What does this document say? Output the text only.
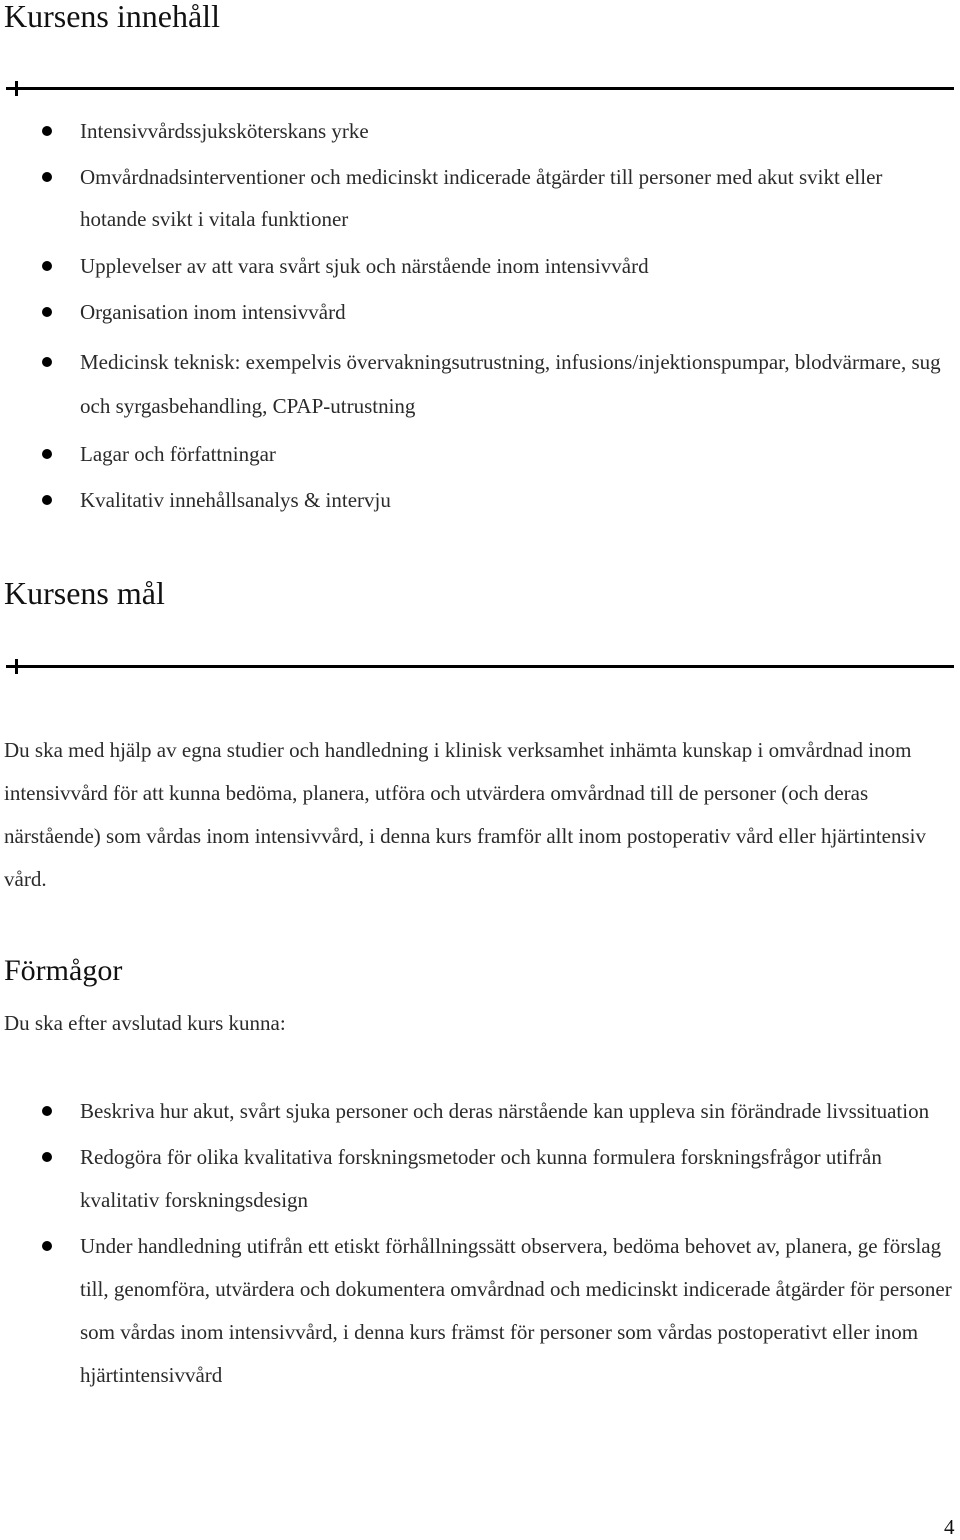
Kursens innehåll
Intensivvårdssjuksköterskans yrke
Omvårdnadsinterventioner och medicinskt indicerade åtgärder till personer med akut svikt eller hotande svikt i vitala funktioner
Upplevelser av att vara svårt sjuk och närstående inom intensivvård
Organisation inom intensivvård
Medicinsk teknisk: exempelvis övervakningsutrustning, infusions/injektionspumpar, blodvärmare, sug och syrgasbehandling, CPAP-utrustning
Lagar och författningar
Kvalitativ innehållsanalys & intervju
Kursens mål
Du ska med hjälp av egna studier och handledning i klinisk verksamhet inhämta kunskap i omvårdnad inom intensivvård för att kunna bedöma, planera, utföra och utvärdera omvårdnad till de personer (och deras närstående) som vårdas inom intensivvård, i denna kurs framför allt inom postoperativ vård eller hjärtintensiv vård.
Förmågor
Du ska efter avslutad kurs kunna:
Beskriva hur akut, svårt sjuka personer och deras närstående kan uppleva sin förändrade livssituation
Redogöra för olika kvalitativa forskningsmetoder och kunna formulera forskningsfrågor utifrån kvalitativ forskningsdesign
Under handledning utifrån ett etiskt förhållningssätt observera, bedöma behovet av, planera, ge förslag till, genomföra, utvärdera och dokumentera omvårdnad och medicinskt indicerade åtgärder för personer som vårdas inom intensivvård, i denna kurs främst för personer som vårdas postoperativt eller inom hjärtintensivvård
4
